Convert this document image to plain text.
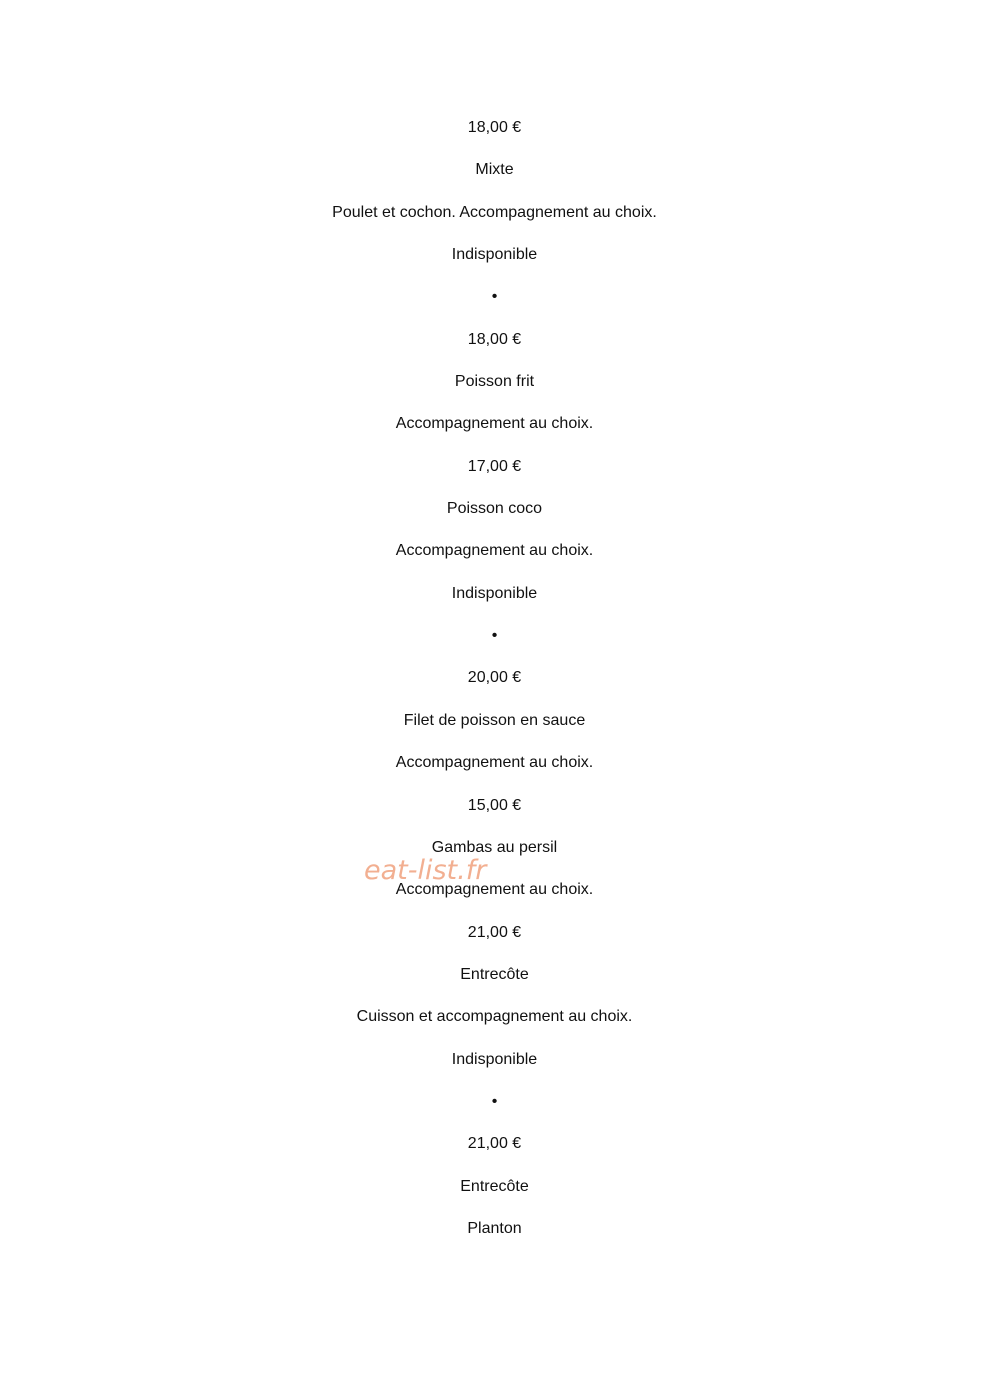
18,00 €
Mixte
Poulet et cochon. Accompagnement au choix.
Indisponible
•
18,00 €
Poisson frit
Accompagnement au choix.
17,00 €
Poisson coco
Accompagnement au choix.
Indisponible
•
20,00 €
Filet de poisson en sauce
Accompagnement au choix.
15,00 €
Gambas au persil
Accompagnement au choix.
21,00 €
Entrecôte
Cuisson et accompagnement au choix.
Indisponible
•
21,00 €
Entrecôte
Planton
eat-list.fr
